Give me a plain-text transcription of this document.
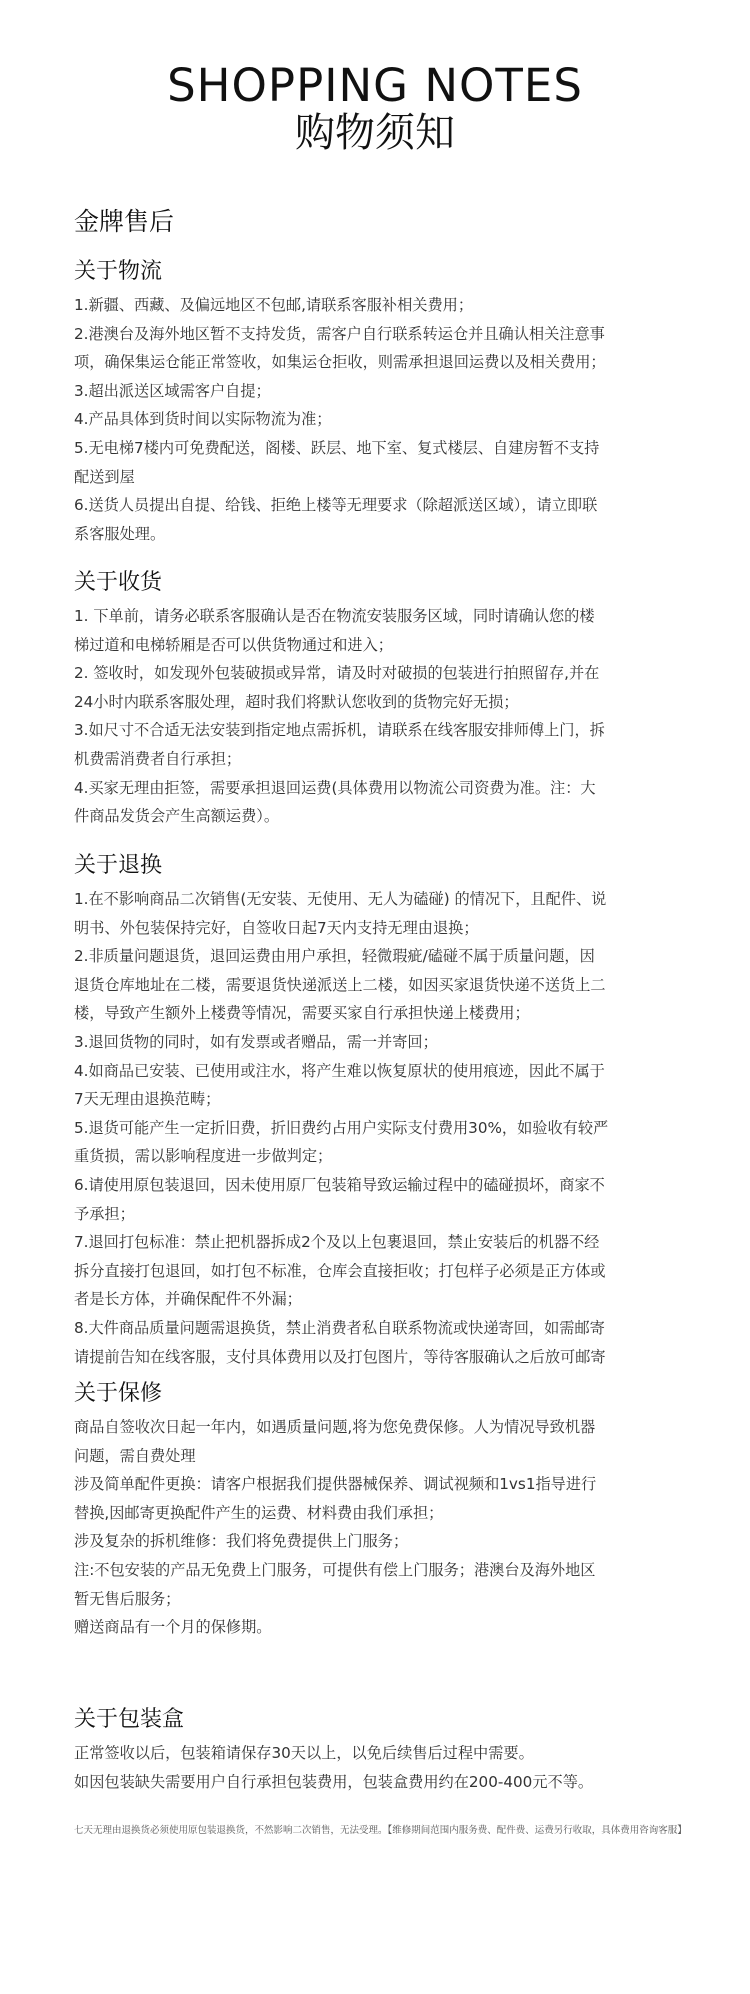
SHOPPING NOTES
购物须知
金牌售后
关于物流

1.新疆、西藏、及偏远地区不包邮,请联系客服补相关费用；

2.港澳台及海外地区暂不支持发货，需客户自行联系转运仓并且确认相关注意事

项，确保集运仓能正常签收，如集运仓拒收，则需承担退回运费以及相关费用；

3.超出派送区域需客户自提；

4.产品具体到货时间以实际物流为准；

5.无电梯7楼内可免费配送，阁楼、跃层、地下室、复式楼层、自建房暂不支持

配送到屋

6.送货人员提出自提、给钱、拒绝上楼等无理要求（除超派送区域），请立即联

系客服处理。

关于收货

1. 下单前，请务必联系客服确认是否在物流安装服务区域，同时请确认您的楼

梯过道和电梯轿厢是否可以供货物通过和进入；

2. 签收时，如发现外包装破损或异常，请及时对破损的包装进行拍照留存,并在

24小时内联系客服处理，超时我们将默认您收到的货物完好无损；

3.如尺寸不合适无法安装到指定地点需拆机，请联系在线客服安排师傅上门，拆

机费需消费者自行承担；

4.买家无理由拒签，需要承担退回运费(具体费用以物流公司资费为准。注：大

件商品发货会产生高额运费）。

关于退换

1.在不影响商品二次销售(无安装、无使用、无人为磕碰) 的情况下，且配件、说

明书、外包装保持完好，自签收日起7天内支持无理由退换；

2.非质量问题退货，退回运费由用户承担，轻微瑕疵/磕碰不属于质量问题，因

退货仓库地址在二楼，需要退货快递派送上二楼，如因买家退货快递不送货上二

楼，导致产生额外上楼费等情况，需要买家自行承担快递上楼费用；

3.退回货物的同时，如有发票或者赠品，需一并寄回；

4.如商品已安装、已使用或注水，将产生难以恢复原状的使用痕迹，因此不属于

7天无理由退换范畴；

5.退货可能产生一定折旧费，折旧费约占用户实际支付费用30%，如验收有较严

重货损，需以影响程度进一步做判定；

6.请使用原包装退回，因未使用原厂包装箱导致运输过程中的磕碰损坏，商家不

予承担；

7.退回打包标准：禁止把机器拆成2个及以上包裹退回，禁止安装后的机器不经

拆分直接打包退回，如打包不标准，仓库会直接拒收；打包样子必须是正方体或

者是长方体，并确保配件不外漏；

8.大件商品质量问题需退换货，禁止消费者私自联系物流或快递寄回，如需邮寄

请提前告知在线客服，支付具体费用以及打包图片，等待客服确认之后放可邮寄

关于保修

商品自签收次日起一年内，如遇质量问题,将为您免费保修。人为情况导致机器

问题，需自费处理

涉及简单配件更换：请客户根据我们提供器械保养、调试视频和1vs1指导进行

替换,因邮寄更换配件产生的运费、材料费由我们承担；

涉及复杂的拆机维修：我们将免费提供上门服务；

注:不包安装的产品无免费上门服务，可提供有偿上门服务；港澳台及海外地区

暂无售后服务；

赠送商品有一个月的保修期。

关于包装盒

正常签收以后，包装箱请保存30天以上，以免后续售后过程中需要。

如因包装缺失需要用户自行承担包装费用，包装盒费用约在200-400元不等。

七天无理由退换货必须使用原包装退换货，不然影响二次销售，无法受理。【维修期间范围内服务费、配件费、运费另行收取，具体费用咨询客服】
